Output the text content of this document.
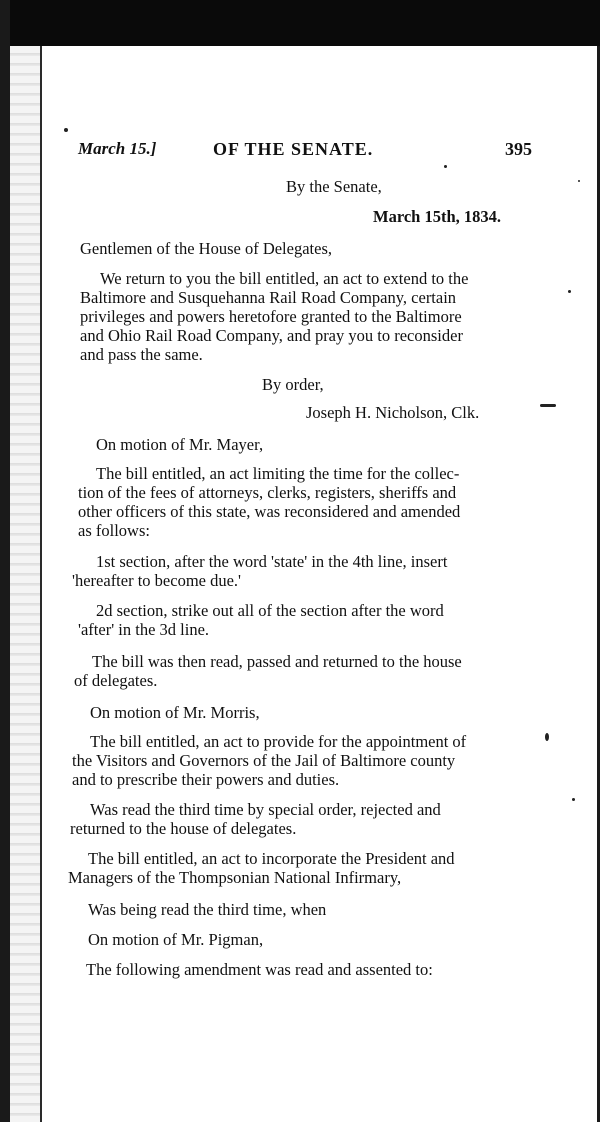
March 15.]	OF THE SENATE.	395
By the Senate,
March 15th, 1834.
Gentlemen of the House of Delegates,
We return to you the bill entitled, an act to extend to the
Baltimore and Susquehanna Rail Road Company, certain
privileges and powers heretofore granted to the Baltimore
and Ohio Rail Road Company, and pray you to reconsider
and pass the same.
By order,
Joseph H. Nicholson, Clk.
On motion of Mr. Mayer,
The bill entitled, an act limiting the time for the collec-
tion of the fees of attorneys, clerks, registers, sheriffs and
other officers of this state, was reconsidered and amended
as follows:
1st section, after the word 'state' in the 4th line, insert
'hereafter to become due.'
2d section, strike out all of the section after the word
'after' in the 3d line.
The bill was then read, passed and returned to the house
of delegates.
On motion of Mr. Morris,
The bill entitled, an act to provide for the appointment of
the Visitors and Governors of the Jail of Baltimore county
and to prescribe their powers and duties.
Was read the third time by special order, rejected and
returned to the house of delegates.
The bill entitled, an act to incorporate the President and
Managers of the Thompsonian National Infirmary,
Was being read the third time, when
On motion of Mr. Pigman,
The following amendment was read and assented to:
